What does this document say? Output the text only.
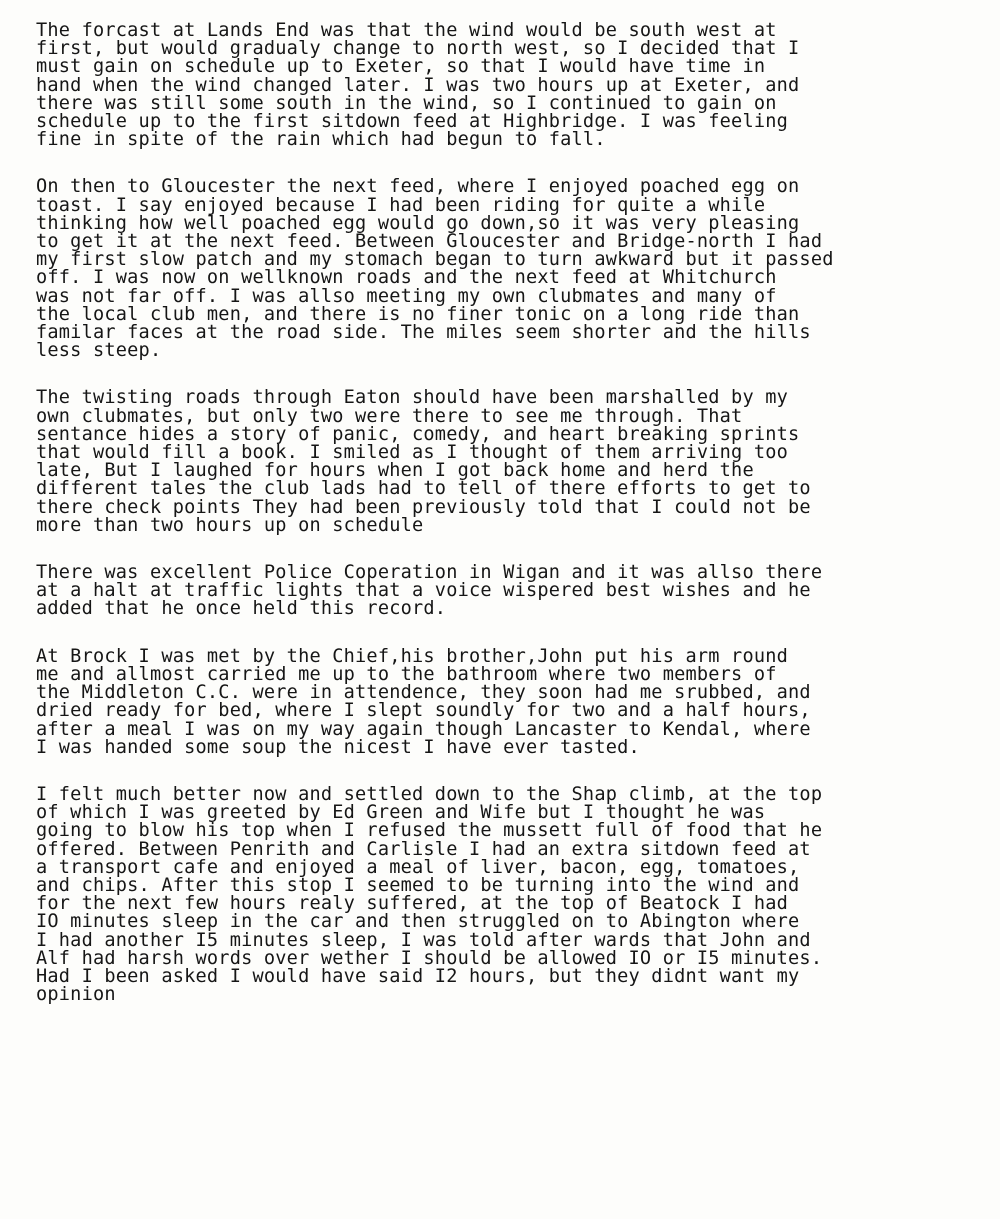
The forcast at Lands End was that the wind would be south west at
first, but would gradualy change to north west, so I decided that I
must gain on schedule up to Exeter, so that I would have time in
hand when the wind changed later. I was two hours up at Exeter, and
there was still some south in the wind, so I continued to gain on
schedule up to the first sitdown feed at Highbridge. I was feeling
fine in spite of the rain which had begun to fall.
On then to Gloucester the next feed, where I enjoyed poached egg on
toast. I say enjoyed because I had been riding for quite a while
thinking how well poached egg would go down,so it was very pleasing
to get it at the next feed. Between Gloucester and Bridge-north I had
my first slow patch and my stomach began to turn awkward but it passed
off. I was now on wellknown roads and the next feed at Whitchurch
was not far off. I was allso meeting my own clubmates and many of
the local club men, and there is no finer tonic on a long ride than
familar faces at the road side. The miles seem shorter and the hills
less steep.
The twisting roads through Eaton should have been marshalled by my
own clubmates, but only two were there to see me through. That
sentance hides a story of panic, comedy, and heart breaking sprints
that would fill a book. I smiled as I thought of them arriving too
late, But I laughed for hours when I got back home and herd the
different tales the club lads had to tell of there efforts to get to
there check points They had been previously told that I could not be
more than two hours up on schedule
There was excellent Police Coperation in Wigan and it was allso there
at a halt at traffic lights that a voice wispered best wishes and he
added that he once held this record.
At Brock I was met by the Chief,his brother,John put his arm round
me and allmost carried me up to the bathroom where two members of
the Middleton C.C. were in attendence, they soon had me srubbed, and
dried ready for bed, where I slept soundly for two and a half hours,
after a meal I was on my way again though Lancaster to Kendal, where
I was handed some soup the nicest I have ever tasted.
I felt much better now and settled down to the Shap climb, at the top
of which I was greeted by Ed Green and Wife but I thought he was
going to blow his top when I refused the mussett full of food that he
offered. Between Penrith and Carlisle I had an extra sitdown feed at
a transport cafe and enjoyed a meal of liver, bacon, egg, tomatoes,
and chips. After this stop I seemed to be turning into the wind and
for the next few hours realy suffered, at the top of Beatock I had
IO minutes sleep in the car and then struggled on to Abington where
I had another I5 minutes sleep, I was told after wards that John and
Alf had harsh words over wether I should be allowed IO or I5 minutes.
Had I been asked I would have said I2 hours, but they didnt want my
opinion
